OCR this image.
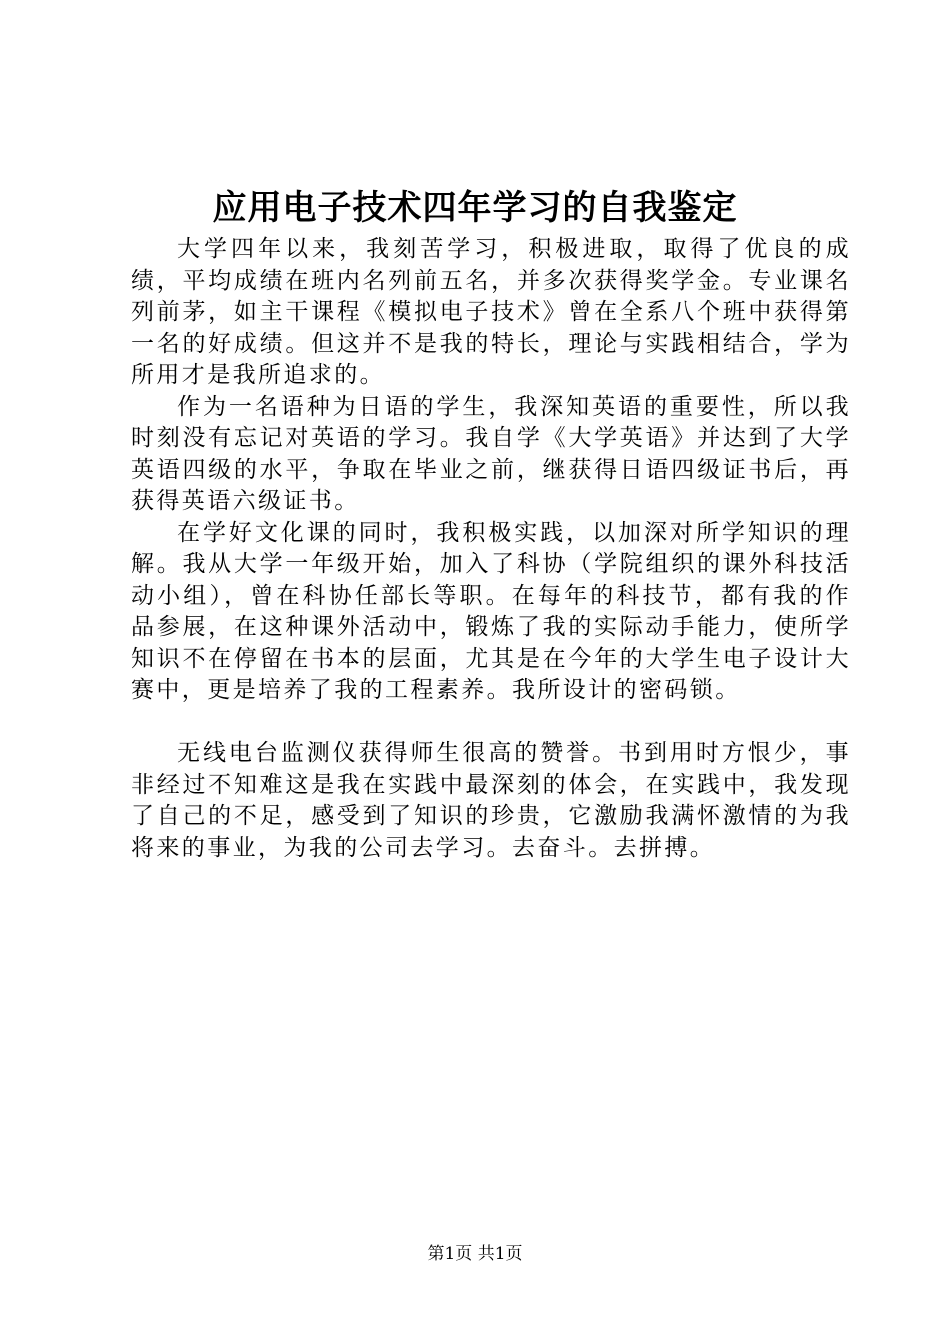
应用电子技术四年学习的自我鉴定

大学四年以来，我刻苦学习，积极进取，取得了优良的成绩，平均成绩在班内名列前五名，并多次获得奖学金。专业课名列前茅，如主干课程《模拟电子技术》曾在全系八个班中获得第一名的好成绩。但这并不是我的特长，理论与实践相结合，学为所用才是我所追求的。

作为一名语种为日语的学生，我深知英语的重要性，所以我时刻没有忘记对英语的学习。我自学《大学英语》并达到了大学英语四级的水平，争取在毕业之前，继获得日语四级证书后，再获得英语六级证书。

在学好文化课的同时，我积极实践，以加深对所学知识的理解。我从大学一年级开始，加入了科协（学院组织的课外科技活动小组），曾在科协任部长等职。在每年的科技节，都有我的作品参展，在这种课外活动中，锻炼了我的实际动手能力，使所学知识不在停留在书本的层面，尤其是在今年的大学生电子设计大赛中，更是培养了我的工程素养。我所设计的密码锁。

无线电台监测仪获得师生很高的赞誉。书到用时方恨少，事非经过不知难这是我在实践中最深刻的体会，在实践中，我发现了自己的不足，感受到了知识的珍贵，它激励我满怀激情的为我将来的事业，为我的公司去学习。去奋斗。去拼搏。

第1页 共1页
